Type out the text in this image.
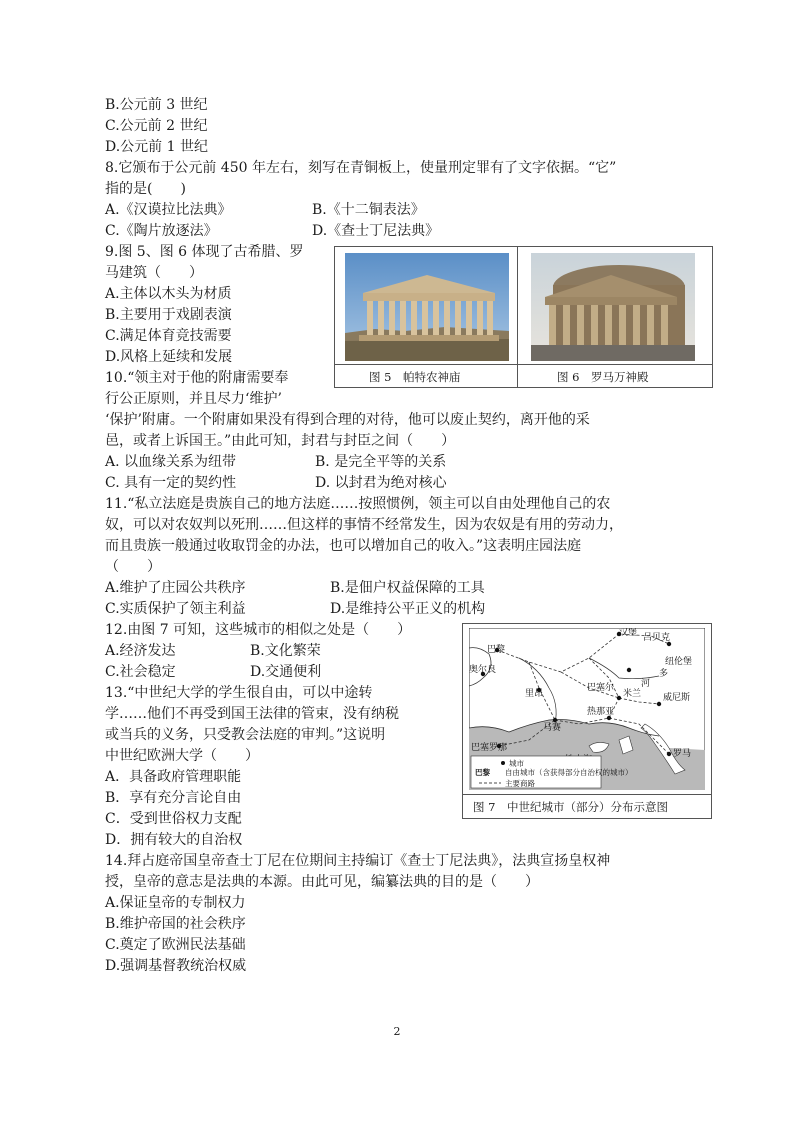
B.公元前 3 世纪
C.公元前 2 世纪
D.公元前 1 世纪
8.它颁布于公元前 450 年左右，刻写在青铜板上，使量刑定罪有了文字依据。“它”
指的是(　　)
A.《汉谟拉比法典》	B.《十二铜表法》
C.《陶片放逐法》	D.《查士丁尼法典》
9.图 5、图 6 体现了古希腊、罗
马建筑（　　）
A.主体以木头为材质
B.主要用于戏剧表演
C.满足体育竞技需要
D.风格上延续和发展
图 5　帕特农神庙	图 6　罗马万神殿
10.“领主对于他的附庸需要奉
行公正原则，并且尽力‘维护’
‘保护’附庸。一个附庸如果没有得到合理的对待，他可以废止契约，离开他的采
邑，或者上诉国王。”由此可知，封君与封臣之间（　　）
A. 以血缘关系为纽带	B. 是完全平等的关系
C. 具有一定的契约性	D. 以封君为绝对核心
11.“私立法庭是贵族自己的地方法庭……按照惯例，领主可以自由处理他自己的农
奴，可以对农奴判以死刑……但这样的事情不经常发生，因为农奴是有用的劳动力，
而且贵族一般通过收取罚金的办法，也可以增加自己的收入。”这表明庄园法庭
（　　）
A.维护了庄园公共秩序	B.是佃户权益保障的工具
C.实质保护了领主利益	D.是维持公平正义的机构
12.由图 7 可知，这些城市的相似之处是（　　）
A.经济发达	B.文化繁荣
C.社会稳定	D.交通便利
13.“中世纪大学的学生很自由，可以中途转
学……他们不再受到国王法律的管束，没有纳税
或当兵的义务，只受教会法庭的审判。”这说明
中世纪欧洲大学（　　）
A．具备政府管理职能
B．享有充分言论自由
C．受到世俗权力支配
D．拥有较大的自治权
汉堡 吕贝克
巴黎
奥尔良
里昂
马赛
巴塞罗那
热那亚
米兰 威尼斯
罗马
纽伦堡
巴塞尔	河
多
城市
巴黎 自由城市（含获得部分自治权的城市）
主要商路
图 7　中世纪城市（部分）分布示意图
14.拜占庭帝国皇帝查士丁尼在位期间主持编订《查士丁尼法典》，法典宣扬皇权神
授，皇帝的意志是法典的本源。由此可见，编纂法典的目的是（　　）
A.保证皇帝的专制权力
B.维护帝国的社会秩序
C.奠定了欧洲民法基础
D.强调基督教统治权威
2
